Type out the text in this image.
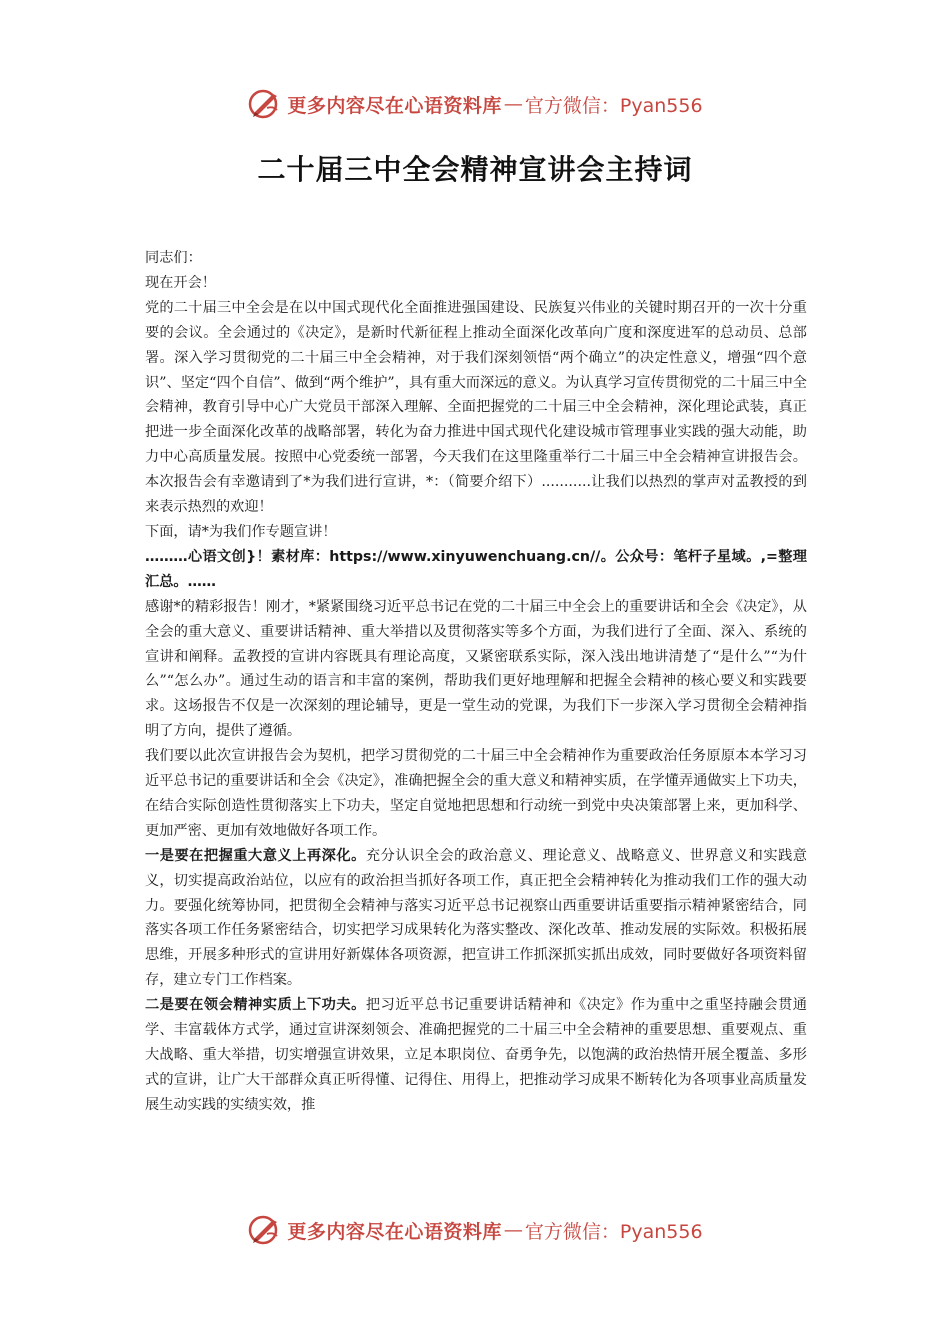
更多内容尽在心语资料库 — 官方微信：Pyan556
二十届三中全会精神宣讲会主持词

同志们：

现在开会！

党的二十届三中全会是在以中国式现代化全面推进强国建设、民族复兴伟业的关键时期召开的一次十分重要的会议。全会通过的《决定》，是新时代新征程上推动全面深化改革向广度和深度进军的总动员、总部署。深入学习贯彻党的二十届三中全会精神，对于我们深刻领悟“两个确立”的决定性意义，增强“四个意识”、坚定“四个自信”、做到“两个维护”，具有重大而深远的意义。为认真学习宣传贯彻党的二十届三中全会精神，教育引导中心广大党员干部深入理解、全面把握党的二十届三中全会精神，深化理论武装，真正把进一步全面深化改革的战略部署，转化为奋力推进中国式现代化建设城市管理事业实践的强大动能，助力中心高质量发展。按照中心党委统一部署，今天我们在这里隆重举行二十届三中全会精神宣讲报告会。本次报告会有幸邀请到了*为我们进行宣讲，*：（简要介绍下）...........让我们以热烈的掌声对孟教授的到来表示热烈的欢迎！

下面，请*为我们作专题宣讲！

………心语文创}！素材库：https://www.xinyuwenchuang.cn//。公众号：笔杆子星域。,=整理汇总。……

感谢*的精彩报告！刚才，*紧紧围绕习近平总书记在党的二十届三中全会上的重要讲话和全会《决定》，从全会的重大意义、重要讲话精神、重大举措以及贯彻落实等多个方面，为我们进行了全面、深入、系统的宣讲和阐释。孟教授的宣讲内容既具有理论高度，又紧密联系实际，深入浅出地讲清楚了“是什么”“为什么”“怎么办”。通过生动的语言和丰富的案例，帮助我们更好地理解和把握全会精神的核心要义和实践要求。这场报告不仅是一次深刻的理论辅导，更是一堂生动的党课，为我们下一步深入学习贯彻全会精神指明了方向，提供了遵循。

我们要以此次宣讲报告会为契机，把学习贯彻党的二十届三中全会精神作为重要政治任务原原本本学习习近平总书记的重要讲话和全会《决定》，准确把握全会的重大意义和精神实质，在学懂弄通做实上下功夫，在结合实际创造性贯彻落实上下功夫，坚定自觉地把思想和行动统一到党中央决策部署上来，更加科学、更加严密、更加有效地做好各项工作。

一是要在把握重大意义上再深化。充分认识全会的政治意义、理论意义、战略意义、世界意义和实践意义，切实提高政治站位，以应有的政治担当抓好各项工作，真正把全会精神转化为推动我们工作的强大动力。要强化统筹协同，把贯彻全会精神与落实习近平总书记视察山西重要讲话重要指示精神紧密结合，同落实各项工作任务紧密结合，切实把学习成果转化为落实整改、深化改革、推动发展的实际效。积极拓展思维，开展多种形式的宣讲用好新媒体各项资源，把宣讲工作抓深抓实抓出成效，同时要做好各项资料留存，建立专门工作档案。

二是要在领会精神实质上下功夫。把习近平总书记重要讲话精神和《决定》作为重中之重坚持融会贯通学、丰富载体方式学，通过宣讲深刻领会、准确把握党的二十届三中全会精神的重要思想、重要观点、重大战略、重大举措，切实增强宣讲效果，立足本职岗位、奋勇争先，以饱满的政治热情开展全覆盖、多形式的宣讲，让广大干部群众真正听得懂、记得住、用得上，把推动学习成果不断转化为各项事业高质量发展生动实践的实绩实效，推

更多内容尽在心语资料库 — 官方微信：Pyan556
